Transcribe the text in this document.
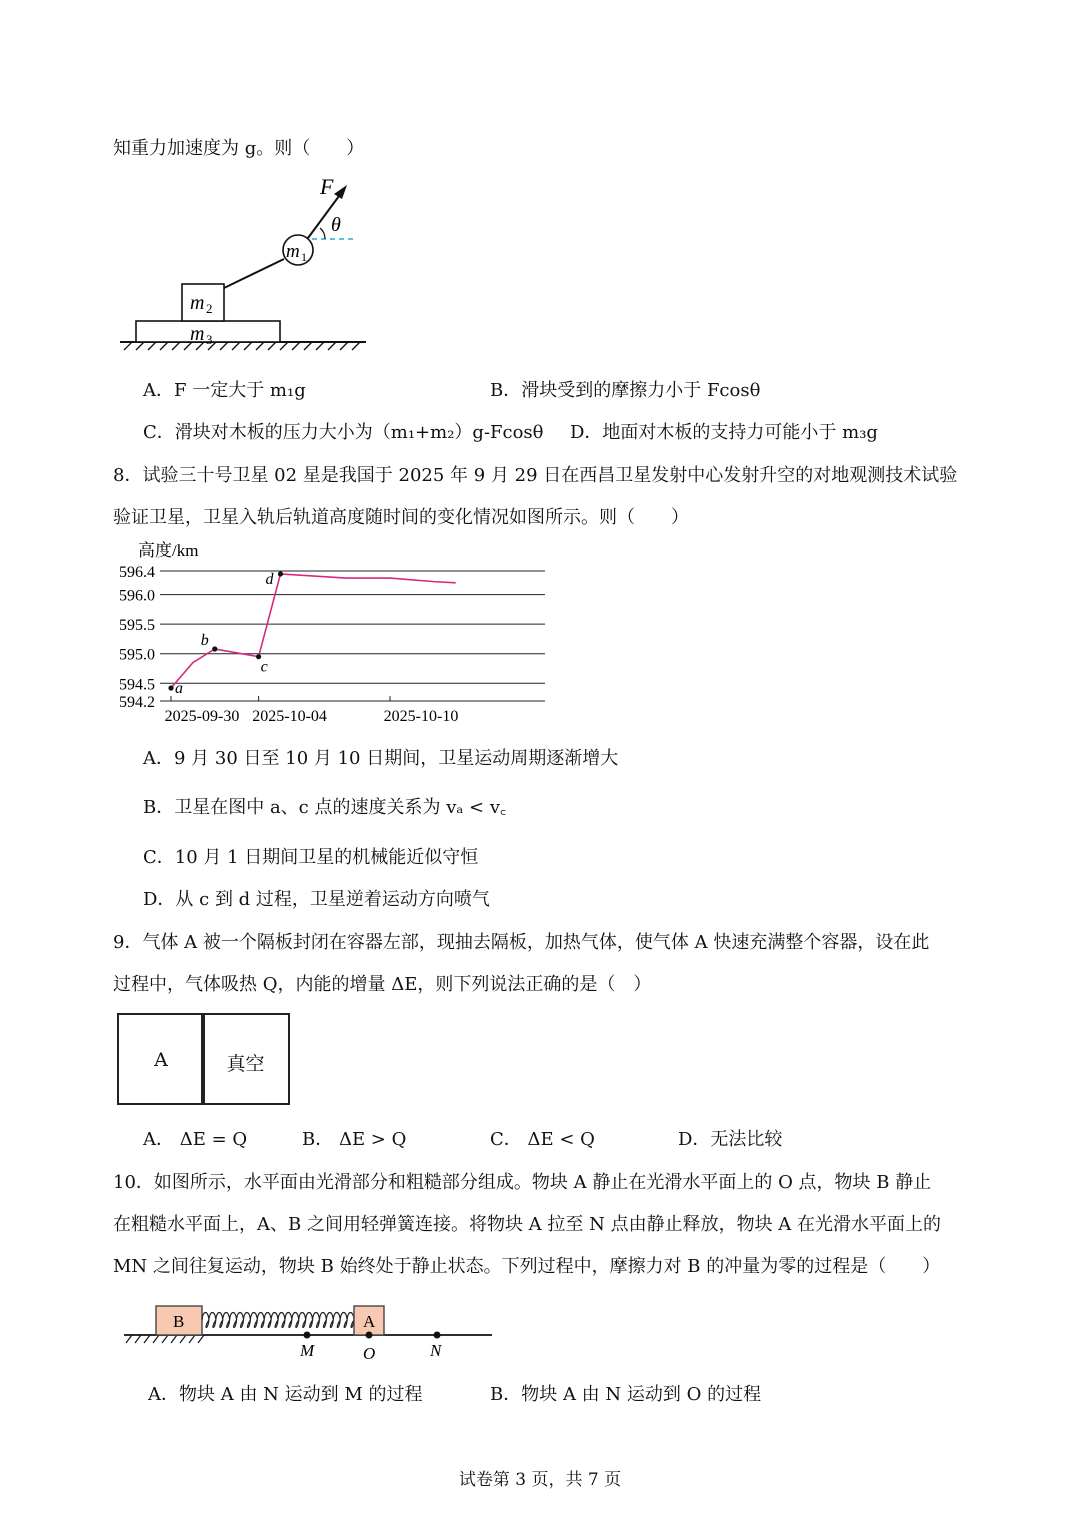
知重力加速度为 g。则（　　）
m 3
m 2
m 1
F
θ
A．F 一定大于 m₁g	B．滑块受到的摩擦力小于 Fcosθ
C．滑块对木板的压力大小为（m₁+m₂）g-Fcosθ D．地面对木板的支持力可能小于 m₃g
8．试验三十号卫星 02 星是我国于 2025 年 9 月 29 日在西昌卫星发射中心发射升空的对地观测技术试验
验证卫星，卫星入轨后轨道高度随时间的变化情况如图所示。则（　　）
高度/km
596.4
596.0
595.5
595.0
594.5
594.2
2025-09-30 2025-10-04	2025-10-10
a
b
c
d
A．9 月 30 日至 10 月 10 日期间，卫星运动周期逐渐增大
B．卫星在图中 a、c 点的速度关系为 vₐ < v꜀
C．10 月 1 日期间卫星的机械能近似守恒
D．从 c 到 d 过程，卫星逆着运动方向喷气
9．气体 A 被一个隔板封闭在容器左部，现抽去隔板，加热气体，使气体 A 快速充满整个容器，设在此
过程中，气体吸热 Q，内能的增量 ΔE，则下列说法正确的是（　）
A	真空
A． ΔE = Q	B． ΔE > Q	C． ΔE < Q	D．无法比较
10．如图所示，水平面由光滑部分和粗糙部分组成。物块 A 静止在光滑水平面上的 O 点，物块 B 静止
在粗糙水平面上，A、B 之间用轻弹簧连接。将物块 A 拉至 N 点由静止释放，物块 A 在光滑水平面上的
MN 之间往复运动，物块 B 始终处于静止状态。下列过程中，摩擦力对 B 的冲量为零的过程是（　　）
B	A
M	O	N
A．物块 A 由 N 运动到 M 的过程	B．物块 A 由 N 运动到 O 的过程
试卷第 3 页，共 7 页
